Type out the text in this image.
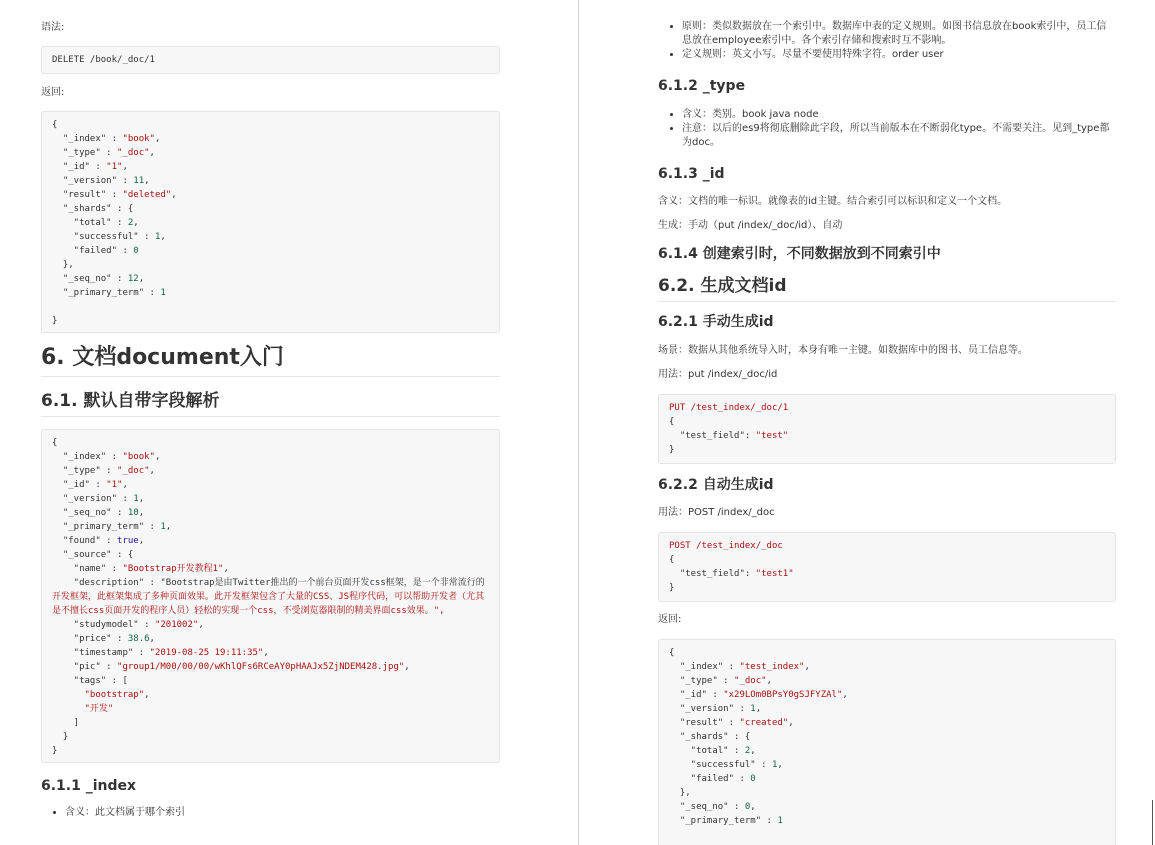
语法:

DELETE /book/_doc/1

返回:

{
"_index" : "book",
"_type" : "_doc",
"_id" : "1",
"_version" : 11,
"result" : "deleted",
"_shards" : {
"total" : 2,
"successful" : 1,
"failed" : 0
},
"_seq_no" : 12,
"_primary_term" : 1
}
6. 文档document入门
6.1. 默认自带字段解析
{
"_index" : "book",
"_type" : "_doc",
"_id" : "1",
"_version" : 1,
"_seq_no" : 10,
"_primary_term" : 1,
"found" : true,
"_source" : {
"name" : "Bootstrap开发教程1",
"description" : "Bootstrap是由Twitter推出的一个前台页面开发css框架，是一个非常流行的
开发框架，此框架集成了多种页面效果。此开发框架包含了大量的CSS、JS程序代码，可以帮助开发者（尤其
是不擅长css页面开发的程序人员）轻松的实现一个css，不受浏览器限制的精美界面css效果。",
"studymodel" : "201002",
"price" : 38.6,
"timestamp" : "2019-08-25 19:11:35",
"pic" : "group1/M00/00/00/wKhlQFs6RCeAY0pHAAJx5ZjNDEM428.jpg",
"tags" : [
"bootstrap",
"开发"
]
}
}
6.1.1 _index
• 含义：此文档属于哪个索引
• 原则：类似数据放在一个索引中。数据库中表的定义规则。如图书信息放在book索引中，员工信息放在employee索引中。各个索引存储和搜索时互不影响。
• 定义规则：英文小写。尽量不要使用特殊字符。order user
6.1.2 _type
• 含义：类别。book java node
• 注意：以后的es9将彻底删除此字段，所以当前版本在不断弱化type。不需要关注。见到_type都为doc。
6.1.3 _id

含义：文档的唯一标识。就像表的id主键。结合索引可以标识和定义一个文档。

生成：手动（put /index/_doc/id）、自动

6.1.4 创建索引时，不同数据放到不同索引中
6.2. 生成文档id
6.2.1 手动生成id

场景：数据从其他系统导入时，本身有唯一主键。如数据库中的图书、员工信息等。

用法：put /index/_doc/id

PUT /test_index/_doc/1
{
"test_field": "test"
}
6.2.2 自动生成id

用法：POST /index/_doc

POST /test_index/_doc
{
"test_field": "test1"
}

返回:

{
"_index" : "test_index",
"_type" : "_doc",
"_id" : "x29LOm0BPsY0gSJFYZAl",
"_version" : 1,
"result" : "created",
"_shards" : {
"total" : 2,
"successful" : 1,
"failed" : 0
},
"_seq_no" : 0,
"_primary_term" : 1
